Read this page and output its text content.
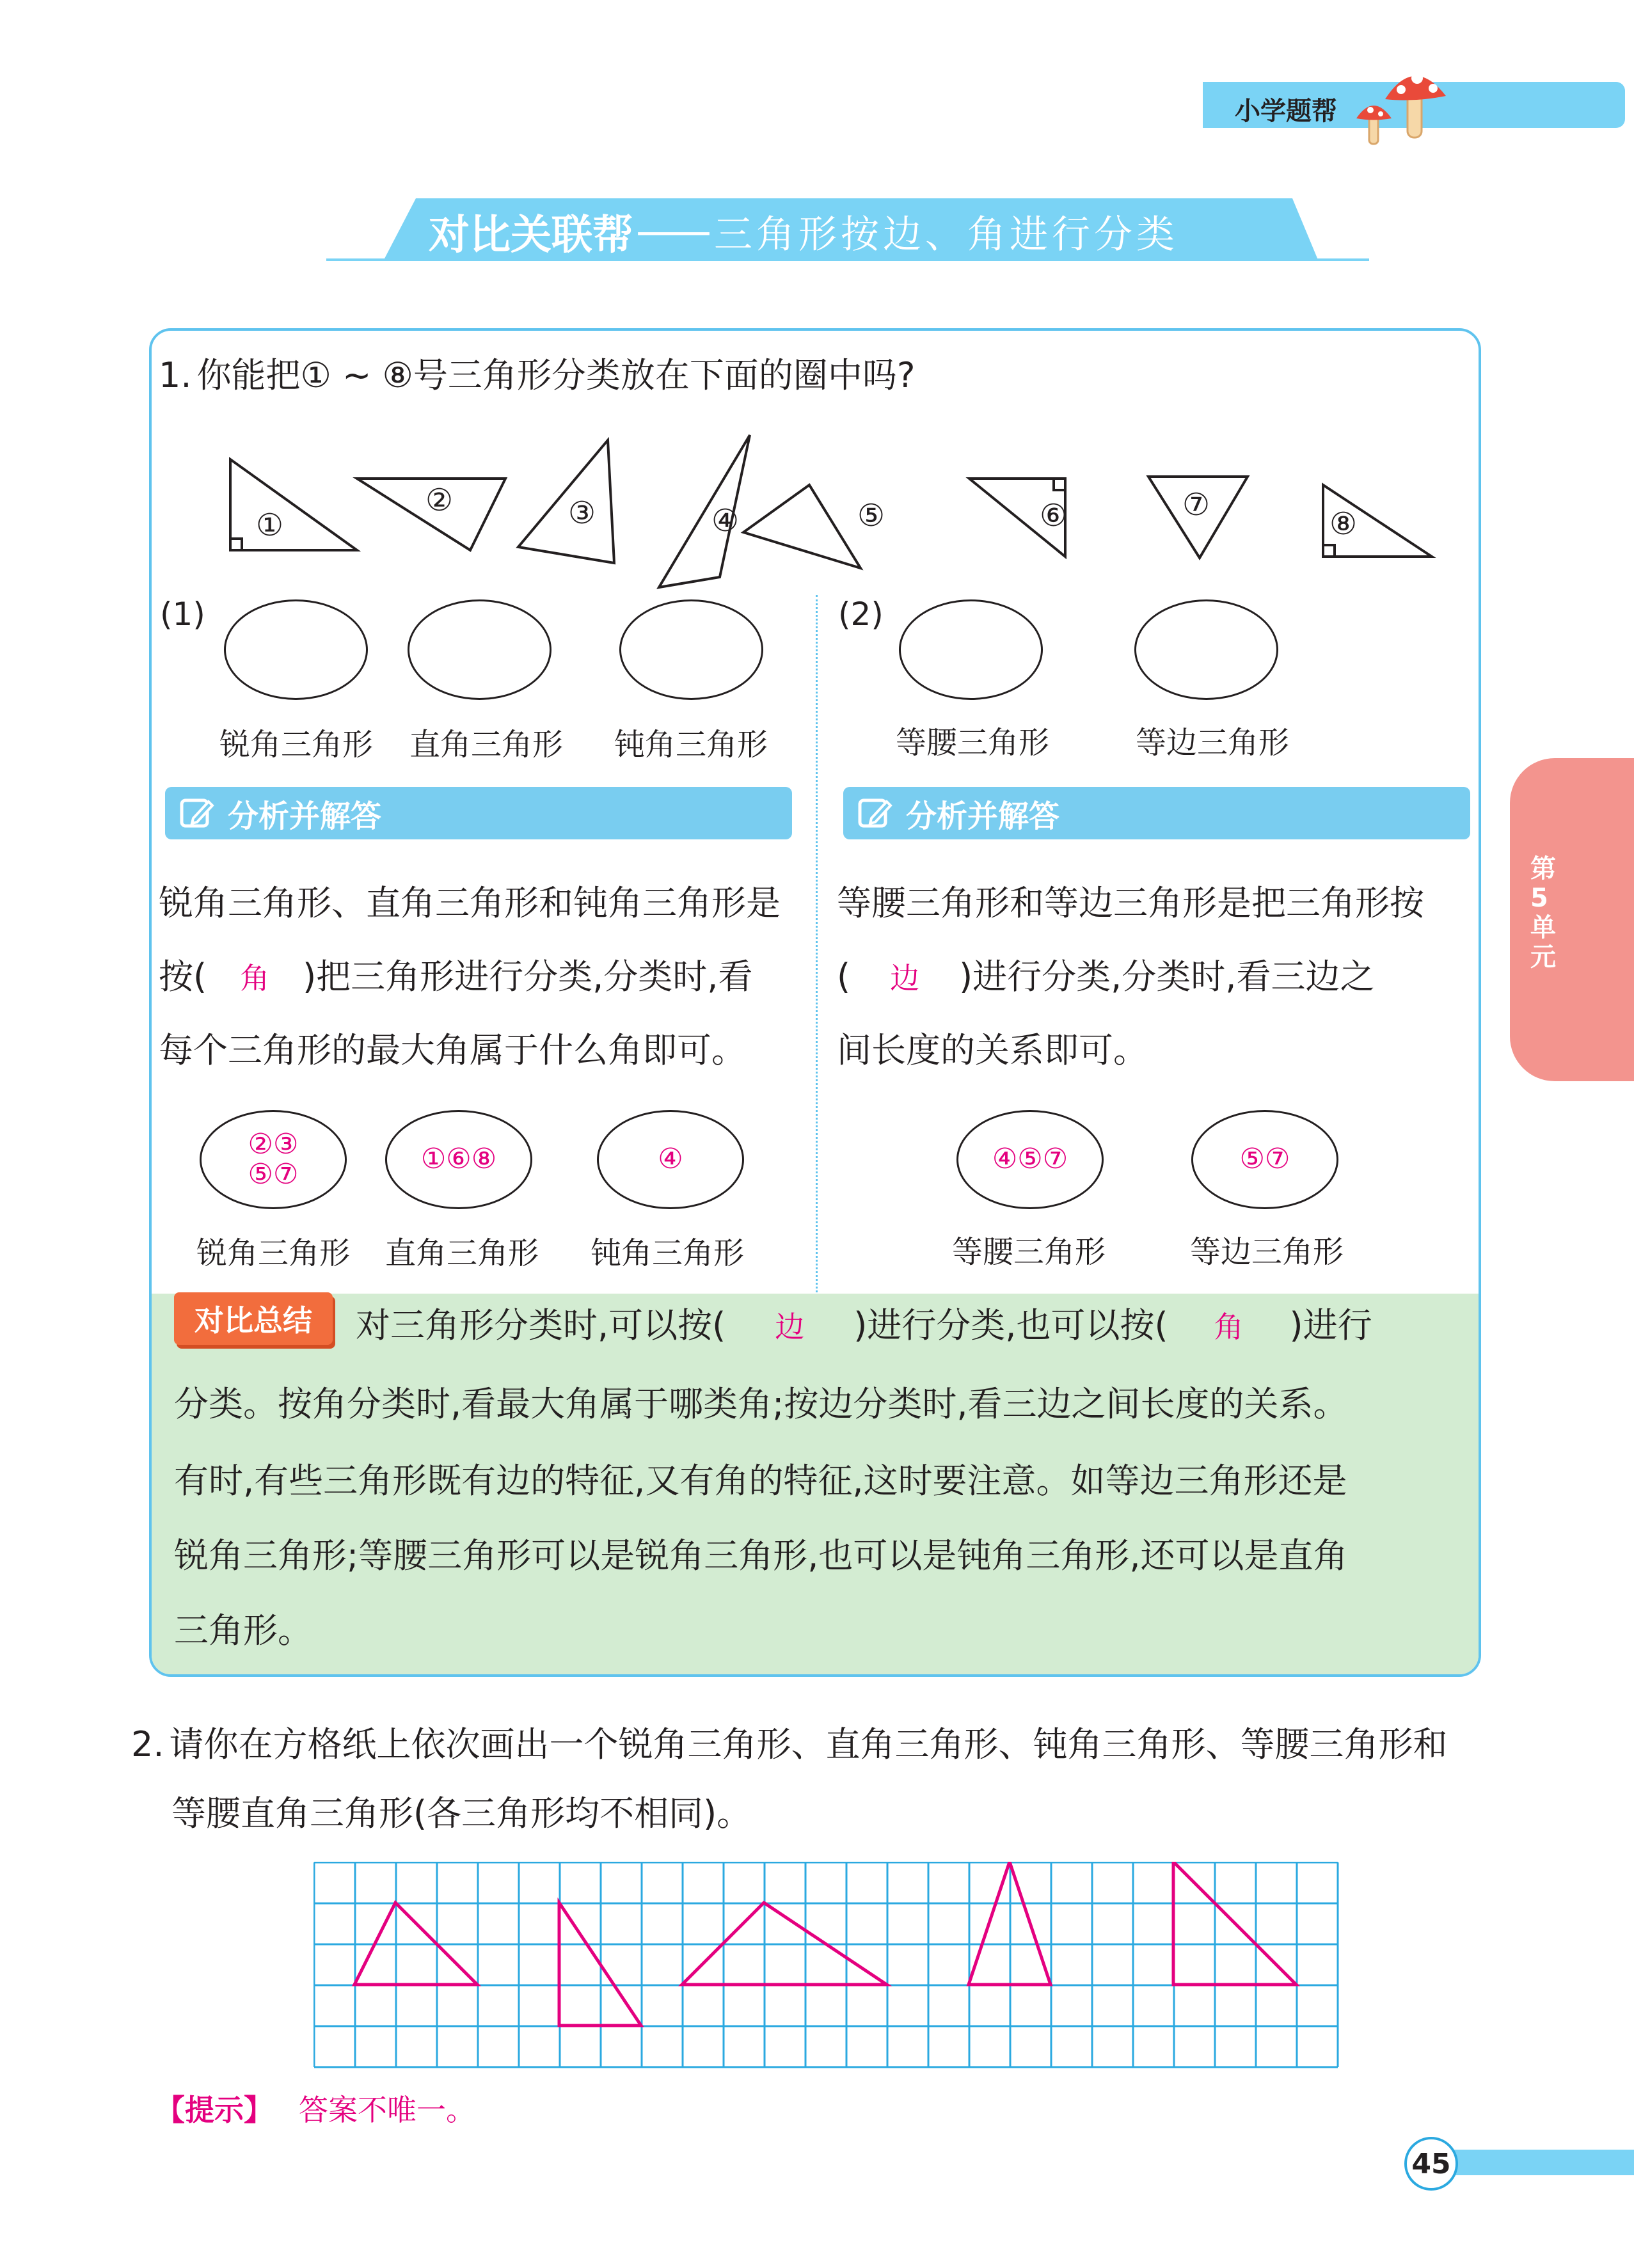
小学题帮
对比关联帮 —— 三角形按边、角进行分类
第5单元
1. 你能把① ~ ⑧号三角形分类放在下面的圈中吗?
①
②	③	④	⑤	⑥	⑦
⑧
(1)
锐角三角形 直角三角形 钝角三角形
(2)
等腰三角形	等边三角形
分析并解答	分析并解答
锐角三角形、直角三角形和钝角三角形是
按( 角 )把三角形进行分类,分类时,看
每个三角形的最大角属于什么角即可。
等腰三角形和等边三角形是把三角形按
( 边 )进行分类,分类时,看三边之
间长度的关系即可。
②③
⑤⑦	①⑥⑧	④
锐角三角形 直角三角形 钝角三角形
④⑤⑦	⑤⑦
等腰三角形	等边三角形
对比总结 对三角形分类时,可以按( 边 )进行分类,也可以按( 角 )进行
分类。按角分类时,看最大角属于哪类角;按边分类时,看三边之间长度的关系。
有时,有些三角形既有边的特征,又有角的特征,这时要注意。如等边三角形还是
锐角三角形;等腰三角形可以是锐角三角形,也可以是钝角三角形,还可以是直角
三角形。
2. 请你在方格纸上依次画出一个锐角三角形、直角三角形、钝角三角形、等腰三角形和
等腰直角三角形(各三角形均不相同)。
【提示】 答案不唯一。
45
